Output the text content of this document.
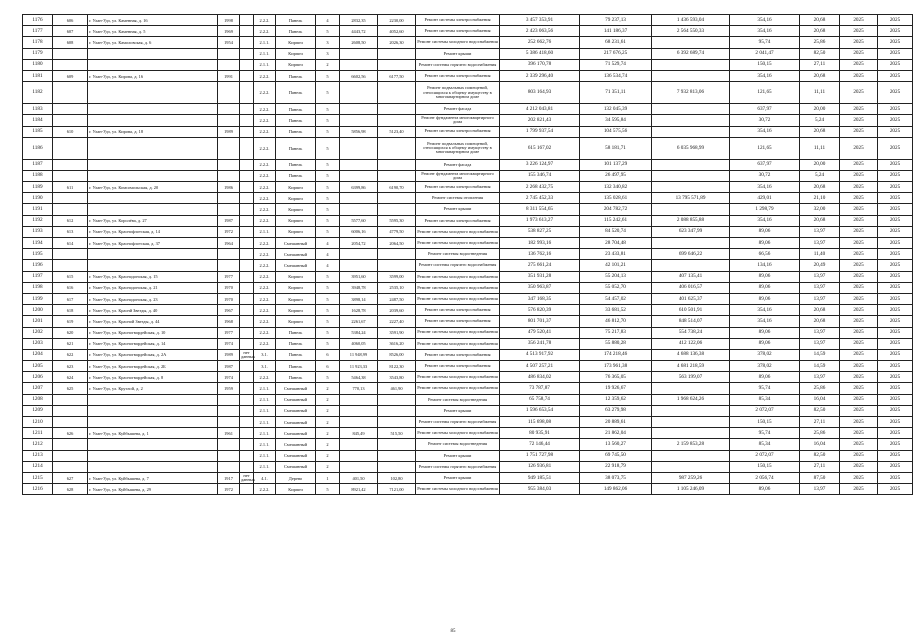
1176	606	г. Улан-Удэ, ул. Каменная, д. 16	1998		2.2.2.	Панель	4	2832,35	2230,00	Ремонт системы электроснабжения	3 457 353,91	79 237,13	1 436 593,04	354,16	20,68	2025	2025
1177	607	г. Улан-Удэ, ул. Каменная, д. 5	1969		2.2.2.	Панель	5	4443,72	4052,60	Ремонт системы электроснабжения	2 423 063,56	141 186,37	2 564 550,33	354,16	20,68	2025	2025
1178	608	г. Улан-Удэ, ул. Камоловская, д. 6	1954		2.1.1.	Кирпич	3	2608,50	2026,30	Ремонт системы холодного водоснабжения	252 662,76	68 231,61		95,74	25,86	2025	2025
1179					2.1.1.	Кирпич	3			Ремонт крыши	5 386 418,60	217 676,25	6 392 689,74	2 041,47	82,50	2025	2025
1180					2.1.1.	Кирпич	2			Ремонт системы горячего водоснабжения	396 170,78	71 529,74		150,15	27,11	2025	2025
1181	609	г. Улан-Удэ, ул. Кирова, д. 16	1991		2.2.2.	Панель	5	6602,56	6177,50	Ремонт системы электроснабжения	2 339 296,40	136 534,74		354,16	20,68	2025	2025
1182					2.2.2.	Панель	5			Ремонт подвальных помещений, относящихся к общему имуществу в многоквартирном доме	803 164,93	71 351,11	7 932 813,06	121,65	11,11	2025	2025
1183					2.2.2.	Панель	5			Ремонт фасада	4 212 043,81	132 045,39		637,97	20,00	2025	2025
1184					2.2.2.	Панель	5			Ремонт фундамента многоквартирного дома	202 821,43	34 595,84		30,72	5,24	2025	2025
1185	610	г. Улан-Удэ, ул. Кирова, д. 18	1989		2.2.2.	Панель	5	5856,98	5123,40	Ремонт системы электроснабжения	1 799 937,54	104 575,56		354,16	20,68	2025	2025
1186					2.2.2.	Панель	5			Ремонт подвальных помещений, относящихся к общему имуществу в многоквартирном доме	615 167,02	58 181,71	6 035 968,99	121,65	11,11	2025	2025
1187					2.2.2.	Панель	5			Ремонт фасада	3 226 124,97	101 137,29		637,97	20,00	2025	2025
1188					2.2.2.	Панель	5			Ремонт фундамента многоквартирного дома	155 346,74	26 497,95		30,72	5,24	2025	2025
1189	611	г. Улан-Удэ, ул. Комсомольская, д. 20	1986		2.2.2.	Кирпич	5	6399,86	6190,70	Ремонт системы электроснабжения	2 268 432,75	132 340,82		354,16	20,68	2025	2025
1190					2.2.2.	Кирпич	5			Ремонт системы отопления	2 745 452,33	135 028,61	13 795 571,89	429,01	21,10	2025	2025
1191					2.2.2.	Кирпич	5			Ремонт крыши	8 311 554,65	204 782,72		1 298,79	32,00	2025	2025
1192	612	г. Улан-Удэ, ул. Королёва, д. 27	1987		2.2.2.	Кирпич	5	5577,60	5595,30	Ремонт системы электроснабжения	1 973 613,27	115 242,61	2 088 855,88	354,16	20,68	2025	2025
1193	613	г. Улан-Удэ, ул. Краснофлотская, д. 14	1972		2.1.1.	Кирпич	5	6006,16	4779,50	Ремонт системы холодного водоснабжения	538 827,25	84 520,74	623 347,99	89,06	13,97	2025	2025
1194	614	г. Улан-Удэ, ул. Краснофлотская, д. 37	1964		2.2.2.	Смешанный	4	2054,72	2064,50	Ремонт системы холодного водоснабжения	182 993,16	28 704,48		89,06	13,97	2025	2025
1195					2.2.2.	Смешанный	4			Ремонт системы водоотведения	136 762,16	23 433,81	699 646,22	66,56	11,40	2025	2025
1196					2.2.2.	Смешанный	4			Ремонт системы горячего водоснабжения	275 661,24	42 101,21		134,16	20,49	2025	2025
1197	615	г. Улан-Удэ, ул. Краснодонская, д. 15	1977		2.2.2.	Кирпич	5	3951,60	3599,00	Ремонт системы холодного водоснабжения	351 931,28	55 204,13	407 135,41	89,06	13,97	2025	2025
1198	616	г. Улан-Удэ, ул. Краснодонская, д. 21	1970		2.2.2.	Кирпич	5	3948,78	2535,10	Ремонт системы холодного водоснабжения	350 963,87	55 052,70	406 016,57	89,06	13,97	2025	2025
1199	617	г. Улан-Удэ, ул. Краснодонская, д. 23	1970		2.2.2.	Кирпич	5	3898,14	2487,50	Ремонт системы холодного водоснабжения	347 168,35	54 457,02	401 625,37	89,06	13,97	2025	2025
1200	618	г. Улан-Удэ, ул. Краснй Звезды, д. 40	1967		2.2.2.	Кирпич	5	1628,78	2039,60	Ремонт системы электроснабжения	576 820,39	33 681,52	610 501,91	354,16	20,68	2025	2025
1201	619	г. Улан-Удэ, ул. Красной Звезды, д. 44	1968		2.2.2.	Кирпич	5	2261,67	2227,40	Ремонт системы электроснабжения	801 701,37	46 812,70	848 514,07	354,16	20,68	2025	2025
1202	620	г. Улан-Удэ, ул. Красногвардейская, д. 10	1977		2.2.2.	Панель	5	5384,24	3591,90	Ремонт системы холодного водоснабжения	479 520,41	75 217,83	554 738,24	89,06	13,97	2025	2025
1203	621	г. Улан-Удэ, ул. Красногвардейская, д. 14	1974		2.2.2.	Панель	5	4060,05	3616,20	Ремонт системы холодного водоснабжения	356 241,78	55 880,28	412 122,06	89,06	13,97	2025	2025
1204	622	г. Улан-Удэ, ул. Красногвардейская, д. 2А	1989	нет данных	3.1.	Панель	6	11 948,99	8526,00	Ремонт системы электроснабжения	4 513 917,92	174 218,46	4 688 136,38	378,02	14,59	2025	2025
1205	623	г. Улан-Удэ, ул. Красногвардейская, д. 2Б	1987		3.1.	Панель	6	11 923,33	8122,30	Ремонт системы электроснабжения	4 507 257,21	173 961,38	4 681 218,59	378,02	14,59	2025	2025
1206	624	г. Улан-Удэ, ул. Красногвардейская, д. 8	1974		2.2.2.	Панель	5	5464,38	3543,80	Ремонт системы холодного водоснабжения	486 834,02	76 365,05	563 199,07	89,06	13,97	2025	2025
1207	625	г. Улан-Удэ, ул. Круглой, д. 2	1959		2.1.1.	Смешанный	2	770,13	461,90	Ремонт системы холодного водоснабжения	73 787,87	19 926,67		95,74	25,86	2025	2025
1208					2.1.1.	Смешанный	2			Ремонт системы водоотведения	65 758,74	12 359,62	1 968 624,26	85,34	16,04	2025	2025
1209					2.1.1.	Смешанный	2			Ремонт крыши	1 596 653,54	63 279,98		2 072,07	82,50	2025	2025
1210					2.1.1.	Смешанный	2			Ремонт системы горячего водоснабжения	115 698,08	20 889,61		150,15	27,11	2025	2025
1211	626	г. Улан-Удэ, ул. Куйбышева, д. 1	1961		2.1.1.	Смешанный	2	845,49	515,50	Ремонт системы холодного водоснабжения	80 935,91	21 862,04		95,74	25,86	2025	2025
1212					2.1.1.	Смешанный	2			Ремонт системы водоотведения	72 146,44	13 560,27	2 159 853,28	85,34	16,04	2025	2025
1213					2.1.1.	Смешанный	2			Ремонт крыши	1 751 727,98	69 745,50		2 072,07	82,50	2025	2025
1214					2.1.1.	Смешанный	2			Ремонт системы горячего водоснабжения	126 936,81	22 918,79		150,15	27,11	2025	2025
1215	627	г. Улан-Удэ, ул. Куйбышева, д. 7	1917	нет данных	4.1.	Дерево	1	401,50	102,80	Ремонт крыши	949 185,51	38 073,75	987 259,26	2 056,74	87,50	2025	2025
1216	628	г. Улан-Удэ, ул. Куйбышева, д. 29	1972		2.2.2.	Кирпич	5	8921,42	7121,00	Ремонт системы холодного водоснабжения	955 384,03	149 862,06	1 105 246,09	89,06	13,97	2025	2025
85
